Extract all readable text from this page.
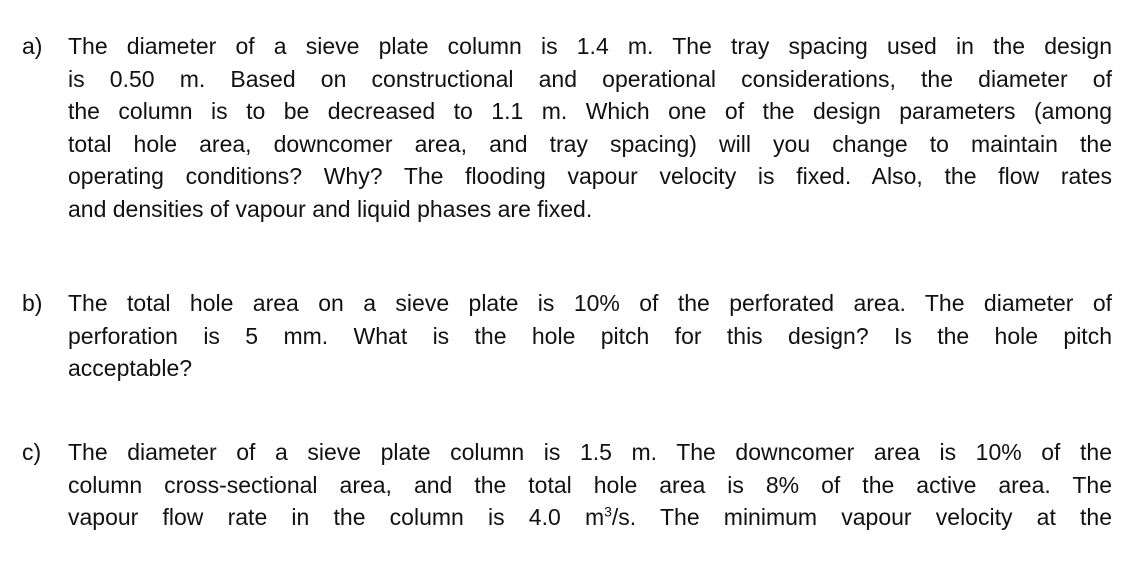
a)	The diameter of a sieve plate column is 1.4 m. The tray spacing used in the design
is 0.50 m. Based on constructional and operational considerations, the diameter of
the column is to be decreased to 1.1 m. Which one of the design parameters (among
total hole area, downcomer area, and tray spacing) will you change to maintain the
operating conditions? Why? The flooding vapour velocity is fixed. Also, the flow rates
and densities of vapour and liquid phases are fixed.
b)	The total hole area on a sieve plate is 10% of the perforated area. The diameter of
perforation is 5 mm. What is the hole pitch for this design? Is the hole pitch
acceptable?
c)	The diameter of a sieve plate column is 1.5 m. The downcomer area is 10% of the
column cross-sectional area, and the total hole area is 8% of the active area. The
vapour flow rate in the column is 4.0 $m^3/s$. The minimum vapour velocity at the
